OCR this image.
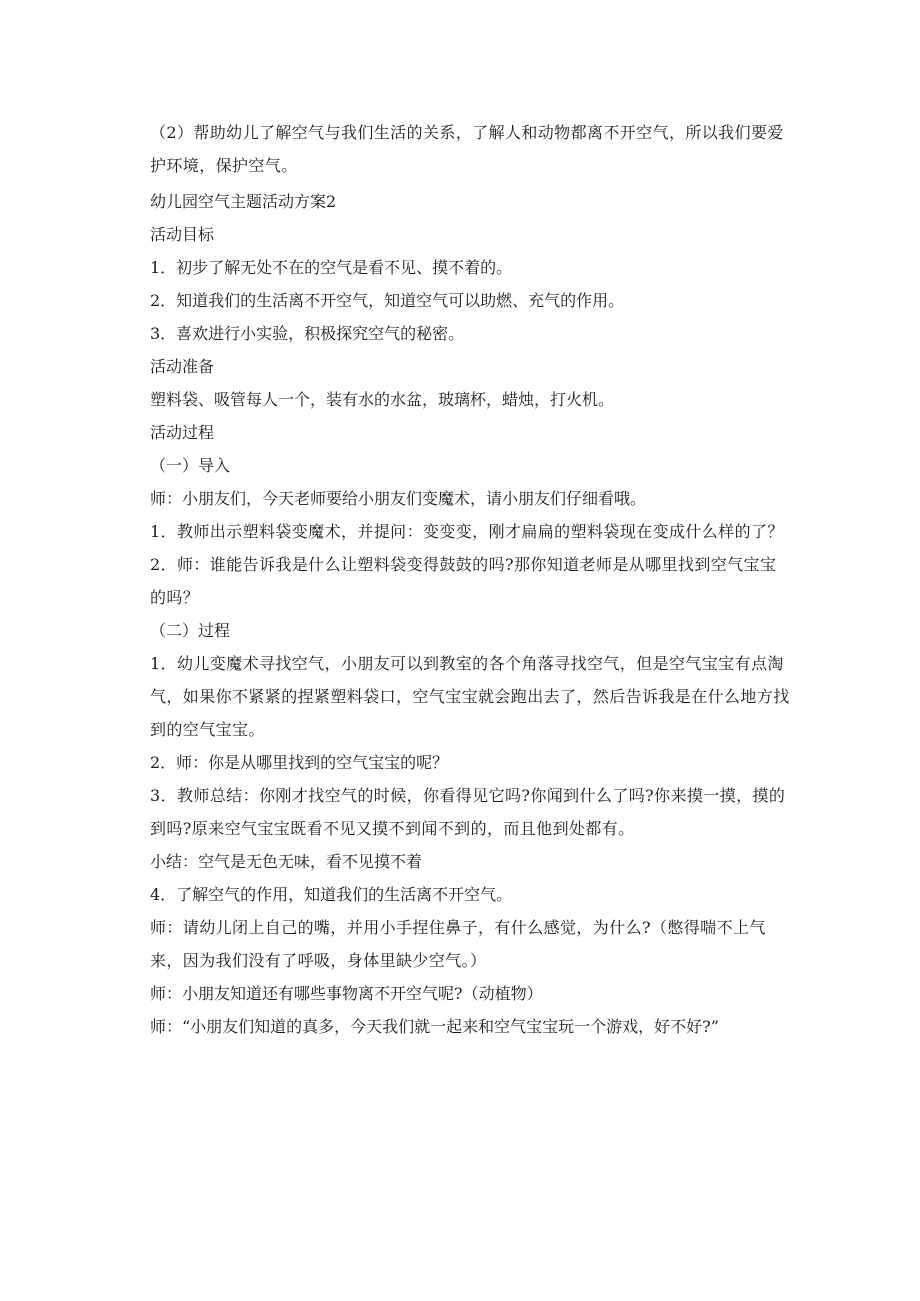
（2）帮助幼儿了解空气与我们生活的关系，了解人和动物都离不开空气，所以我们要爱护环境，保护空气。

幼儿园空气主题活动方案2

活动目标

1．初步了解无处不在的空气是看不见、摸不着的。

2．知道我们的生活离不开空气，知道空气可以助燃、充气的作用。

3．喜欢进行小实验，积极探究空气的秘密。

活动准备

塑料袋、吸管每人一个，装有水的水盆，玻璃杯，蜡烛，打火机。

活动过程

（一）导入

师：小朋友们，今天老师要给小朋友们变魔术，请小朋友们仔细看哦。

1．教师出示塑料袋变魔术，并提问：变变变，刚才扁扁的塑料袋现在变成什么样的了？

2．师：谁能告诉我是什么让塑料袋变得鼓鼓的吗?那你知道老师是从哪里找到空气宝宝的吗？

（二）过程

1．幼儿变魔术寻找空气，小朋友可以到教室的各个角落寻找空气，但是空气宝宝有点淘气，如果你不紧紧的捏紧塑料袋口，空气宝宝就会跑出去了，然后告诉我是在什么地方找到的空气宝宝。

2．师：你是从哪里找到的空气宝宝的呢？

3．教师总结：你刚才找空气的时候，你看得见它吗?你闻到什么了吗?你来摸一摸，摸的到吗?原来空气宝宝既看不见又摸不到闻不到的，而且他到处都有。

小结：空气是无色无味，看不见摸不着

4．了解空气的作用，知道我们的生活离不开空气。

师：请幼儿闭上自己的嘴，并用小手捏住鼻子，有什么感觉，为什么?（憋得喘不上气来，因为我们没有了呼吸，身体里缺少空气。）

师：小朋友知道还有哪些事物离不开空气呢?（动植物）

师：“小朋友们知道的真多，今天我们就一起来和空气宝宝玩一个游戏，好不好?”
